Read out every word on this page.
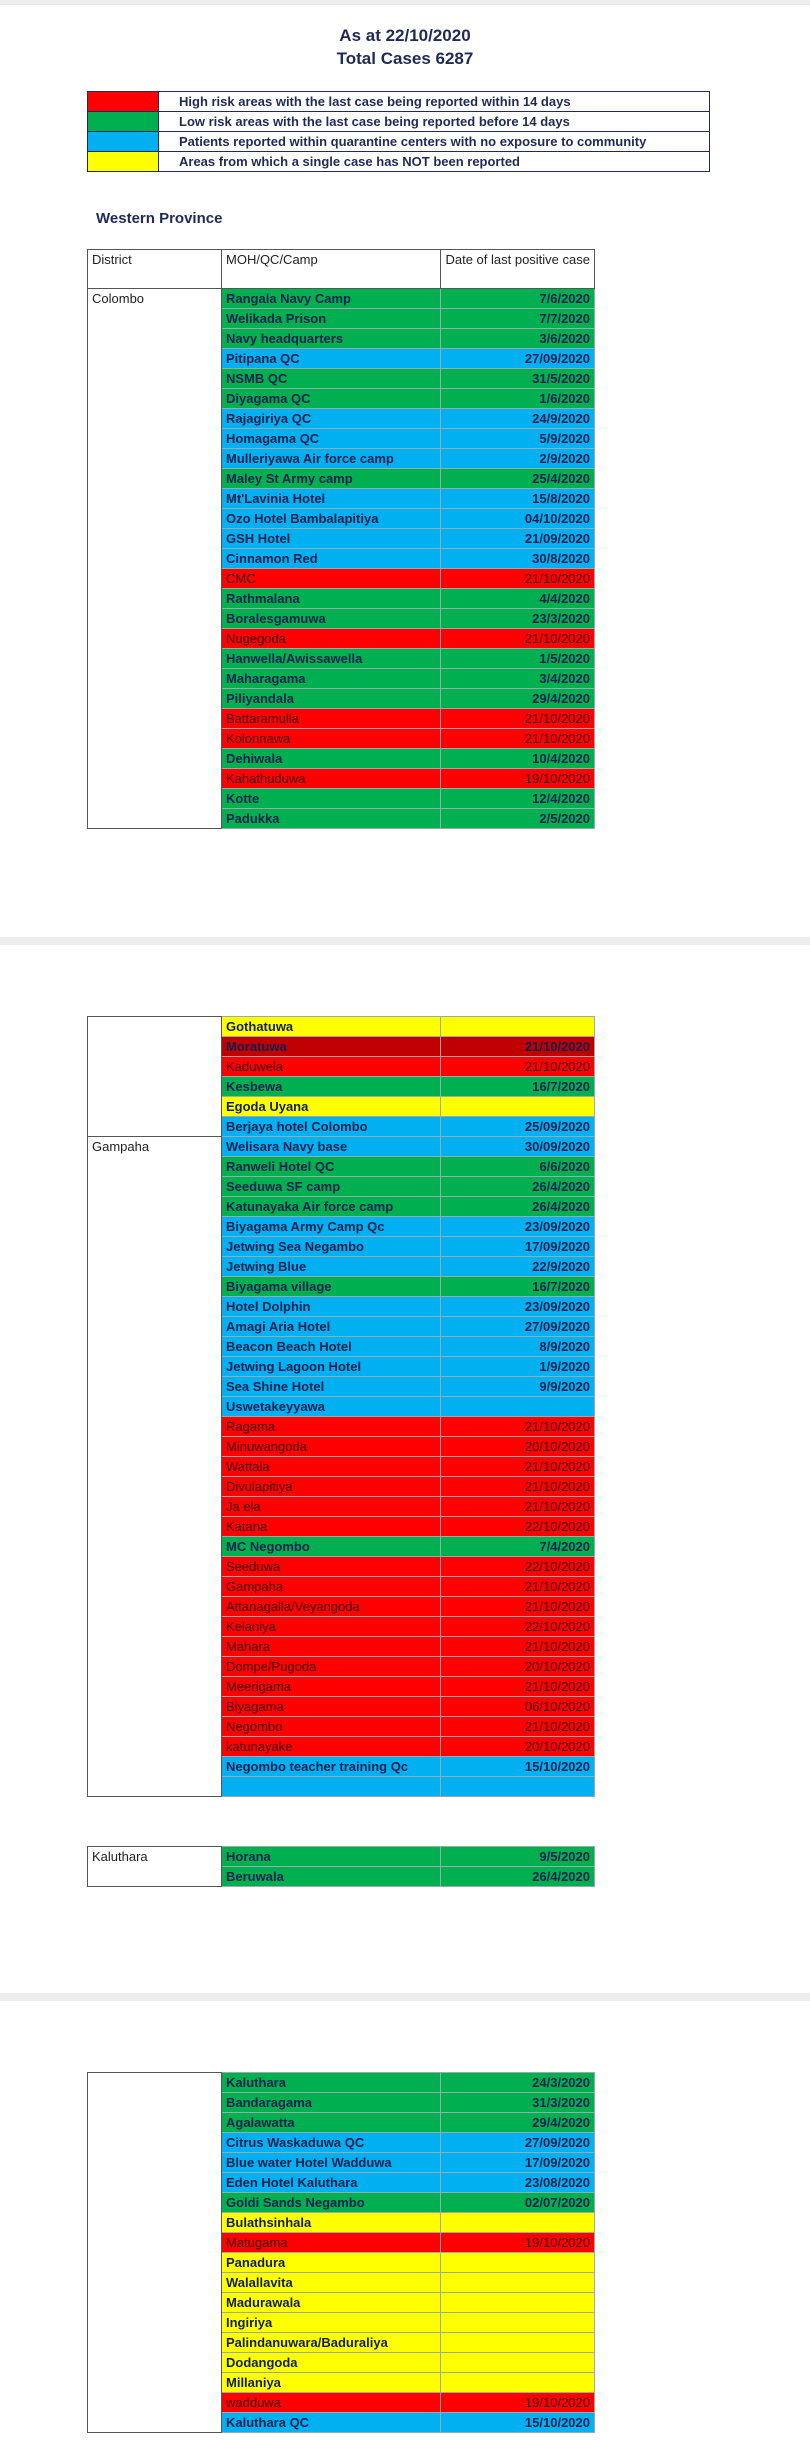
As at 22/10/2020
Total Cases 6287
	High risk areas with the last case being reported within 14 days
	Low risk areas with the last case being reported before 14 days
	Patients reported within quarantine centers with no exposure to community
	Areas from which a single case has NOT been reported
Western Province
District	MOH/QC/Camp	Date of last positive case
Colombo	Rangala Navy Camp	7/6/2020
	Welikada Prison	7/7/2020
	Navy headquarters	3/6/2020
	Pitipana QC	27/09/2020
	NSMB QC	31/5/2020
	Diyagama QC	1/6/2020
	Rajagiriya QC	24/9/2020
	Homagama QC	5/9/2020
	Mulleriyawa Air force camp	2/9/2020
	Maley St Army camp	25/4/2020
	Mt'Lavinia Hotel	15/8/2020
	Ozo Hotel Bambalapitiya	04/10/2020
	GSH Hotel	21/09/2020
	Cinnamon Red	30/8/2020
	CMC	21/10/2020
	Rathmalana	4/4/2020
	Boralesgamuwa	23/3/2020
	Nugegoda	21/10/2020
	Hanwella/Awissawella	1/5/2020
	Maharagama	3/4/2020
	Piliyandala	29/4/2020
	Battaramulla	21/10/2020
	Kolonnawa	21/10/2020
	Dehiwala	10/4/2020
	Kahathuduwa	19/10/2020
	Kotte	12/4/2020
	Padukka	2/5/2020
	Gothatuwa	
	Moratuwa	21/10/2020
	Kaduwela	21/10/2020
	Kesbewa	16/7/2020
	Egoda Uyana	
	Berjaya hotel Colombo	25/09/2020
Gampaha	Welisara Navy base	30/09/2020
	Ranweli Hotel QC	6/6/2020
	Seeduwa SF camp	26/4/2020
	Katunayaka Air force camp	26/4/2020
	Biyagama Army Camp Qc	23/09/2020
	Jetwing Sea Negambo	17/09/2020
	Jetwing Blue	22/9/2020
	Biyagama village	16/7/2020
	Hotel Dolphin	23/09/2020
	Amagi Aria Hotel	27/09/2020
	Beacon Beach Hotel	8/9/2020
	Jetwing Lagoon Hotel	1/9/2020
	Sea Shine Hotel	9/9/2020
	Uswetakeyyawa	
	Ragama	21/10/2020
	Minuwangoda	20/10/2020
	Wattala	21/10/2020
	Divulapitiya	21/10/2020
	Ja ela	21/10/2020
	Katana	22/10/2020
	MC Negombo	7/4/2020
	Seeduwa	22/10/2020
	Gampaha	21/10/2020
	Attanagalla/Veyangoda	21/10/2020
	Kelaniya	22/10/2020
	Mahara	21/10/2020
	Dompe/Pugoda	20/10/2020
	Meerigama	21/10/2020
	Biyagama	06/10/2020
	Negombo	21/10/2020
	katunayake	20/10/2020
	Negombo teacher training Qc	15/10/2020

Kaluthara	Horana	9/5/2020
	Beruwala	26/4/2020
	Kaluthara	24/3/2020
	Bandaragama	31/3/2020
	Agalawatta	29/4/2020
	Citrus Waskaduwa QC	27/09/2020
	Blue water Hotel Wadduwa	17/09/2020
	Eden Hotel Kaluthara	23/08/2020
	Goldi Sands Negambo	02/07/2020
	Bulathsinhala	
	Matugama	19/10/2020
	Panadura	
	Walallavita	
	Madurawala	
	Ingiriya	
	Palindanuwara/Baduraliya	
	Dodangoda	
	Millaniya	
	wadduwa	19/10/2020
	Kaluthara QC	15/10/2020
